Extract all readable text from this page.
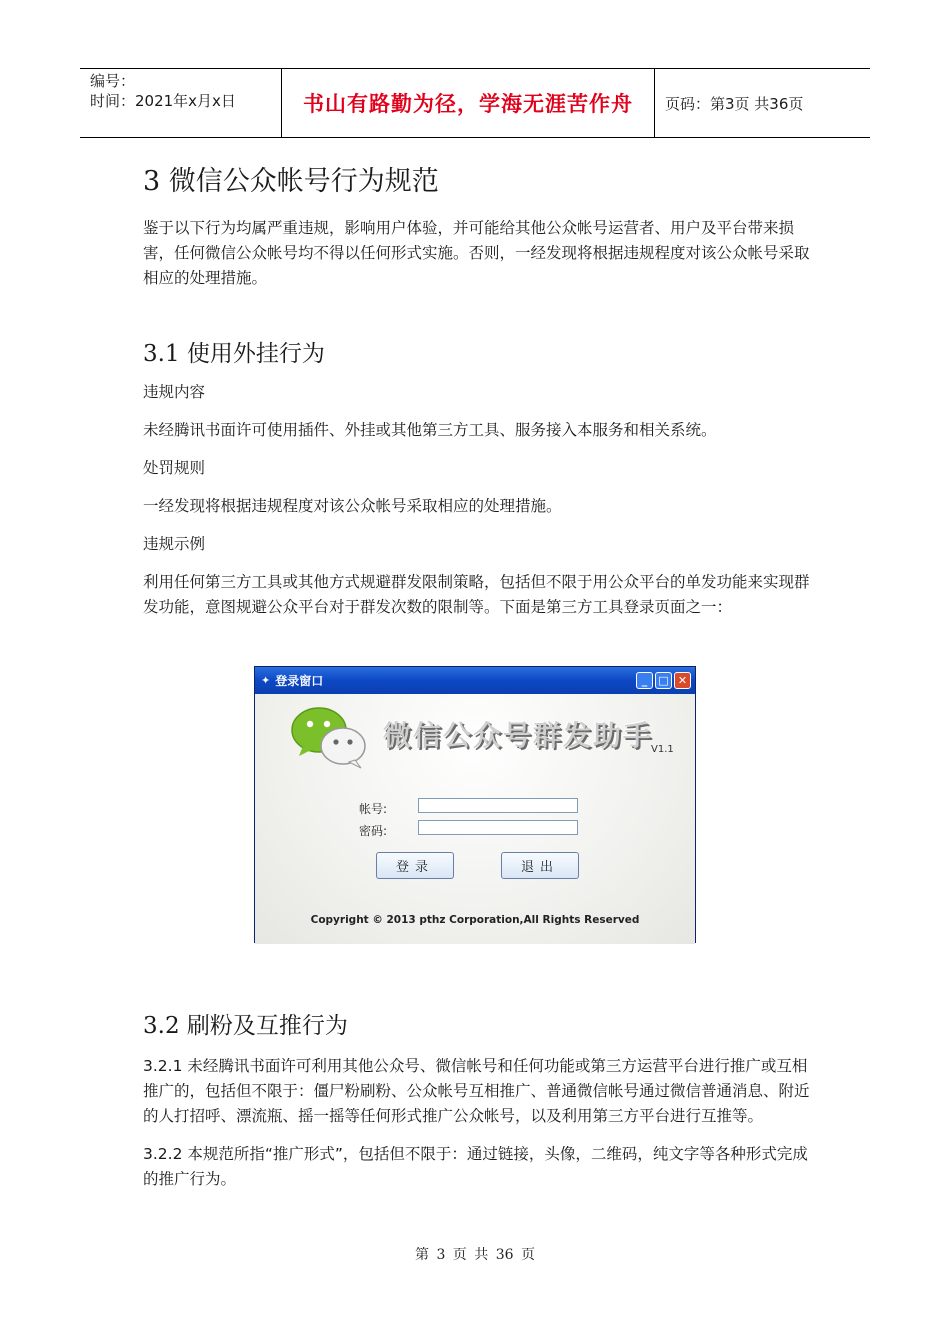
编号：
时间：2021年x月x日	书山有路勤为径，学海无涯苦作舟	页码：第3页 共36页
3 微信公众帐号行为规范

鉴于以下行为均属严重违规，影响用户体验，并可能给其他公众帐号运营者、用户及平台带来损害，任何微信公众帐号均不得以任何形式实施。否则，一经发现将根据违规程度对该公众帐号采取相应的处理措施。

3.1 使用外挂行为

违规内容

未经腾讯书面许可使用插件、外挂或其他第三方工具、服务接入本服务和相关系统。

处罚规则

一经发现将根据违规程度对该公众帐号采取相应的处理措施。

违规示例

利用任何第三方工具或其他方式规避群发限制策略，包括但不限于用公众平台的单发功能来实现群发功能，意图规避公众平台对于群发次数的限制等。下面是第三方工具登录页面之一：

✦ 登录窗口	_	□ ✕
微信公众号群发助手
V1.1
帐号:
密码:
登录	退出
Copyright © 2013 pthz Corporation,All Rights Reserved
3.2 刷粉及互推行为

3.2.1 未经腾讯书面许可利用其他公众号、微信帐号和任何功能或第三方运营平台进行推广或互相推广的，包括但不限于：僵尸粉刷粉、公众帐号互相推广、普通微信帐号通过微信普通消息、附近的人打招呼、漂流瓶、摇一摇等任何形式推广公众帐号，以及利用第三方平台进行互推等。

3.2.2 本规范所指“推广形式”，包括但不限于：通过链接，头像，二维码，纯文字等各种形式完成的推广行为。

第 3 页 共 36 页
